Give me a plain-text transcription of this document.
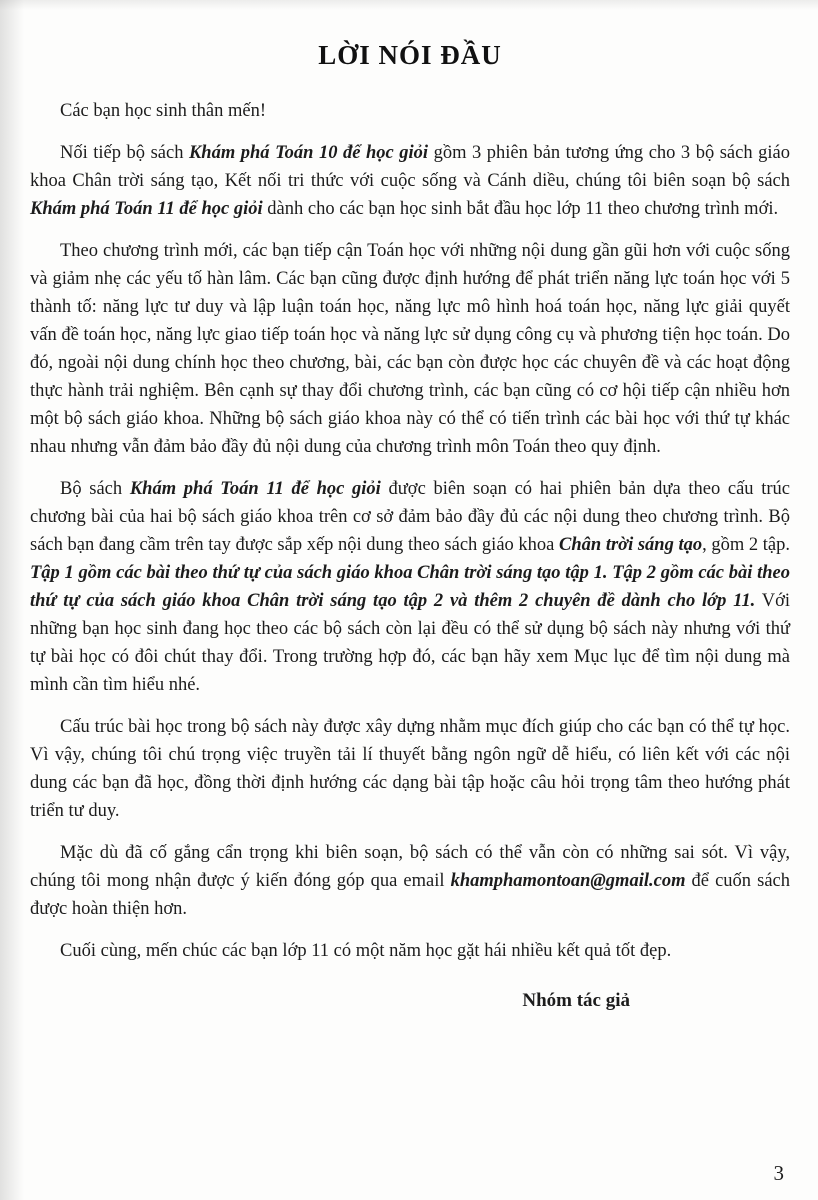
LỜI NÓI ĐẦU

Các bạn học sinh thân mến!

Nối tiếp bộ sách Khám phá Toán 10 để học giỏi gồm 3 phiên bản tương ứng cho 3 bộ sách giáo khoa Chân trời sáng tạo, Kết nối tri thức với cuộc sống và Cánh diều, chúng tôi biên soạn bộ sách Khám phá Toán 11 để học giỏi dành cho các bạn học sinh bắt đầu học lớp 11 theo chương trình mới.

Theo chương trình mới, các bạn tiếp cận Toán học với những nội dung gần gũi hơn với cuộc sống và giảm nhẹ các yếu tố hàn lâm. Các bạn cũng được định hướng để phát triển năng lực toán học với 5 thành tố: năng lực tư duy và lập luận toán học, năng lực mô hình hoá toán học, năng lực giải quyết vấn đề toán học, năng lực giao tiếp toán học và năng lực sử dụng công cụ và phương tiện học toán. Do đó, ngoài nội dung chính học theo chương, bài, các bạn còn được học các chuyên đề và các hoạt động thực hành trải nghiệm. Bên cạnh sự thay đổi chương trình, các bạn cũng có cơ hội tiếp cận nhiều hơn một bộ sách giáo khoa. Những bộ sách giáo khoa này có thể có tiến trình các bài học với thứ tự khác nhau nhưng vẫn đảm bảo đầy đủ nội dung của chương trình môn Toán theo quy định.

Bộ sách Khám phá Toán 11 để học giỏi được biên soạn có hai phiên bản dựa theo cấu trúc chương bài của hai bộ sách giáo khoa trên cơ sở đảm bảo đầy đủ các nội dung theo chương trình. Bộ sách bạn đang cầm trên tay được sắp xếp nội dung theo sách giáo khoa Chân trời sáng tạo, gồm 2 tập. Tập 1 gồm các bài theo thứ tự của sách giáo khoa Chân trời sáng tạo tập 1. Tập 2 gồm các bài theo thứ tự của sách giáo khoa Chân trời sáng tạo tập 2 và thêm 2 chuyên đề dành cho lớp 11. Với những bạn học sinh đang học theo các bộ sách còn lại đều có thể sử dụng bộ sách này nhưng với thứ tự bài học có đôi chút thay đổi. Trong trường hợp đó, các bạn hãy xem Mục lục để tìm nội dung mà mình cần tìm hiểu nhé.

Cấu trúc bài học trong bộ sách này được xây dựng nhằm mục đích giúp cho các bạn có thể tự học. Vì vậy, chúng tôi chú trọng việc truyền tải lí thuyết bằng ngôn ngữ dễ hiểu, có liên kết với các nội dung các bạn đã học, đồng thời định hướng các dạng bài tập hoặc câu hỏi trọng tâm theo hướng phát triển tư duy.

Mặc dù đã cố gắng cẩn trọng khi biên soạn, bộ sách có thể vẫn còn có những sai sót. Vì vậy, chúng tôi mong nhận được ý kiến đóng góp qua email khamphamontoan@gmail.com để cuốn sách được hoàn thiện hơn.

Cuối cùng, mến chúc các bạn lớp 11 có một năm học gặt hái nhiều kết quả tốt đẹp.

Nhóm tác giả

3
